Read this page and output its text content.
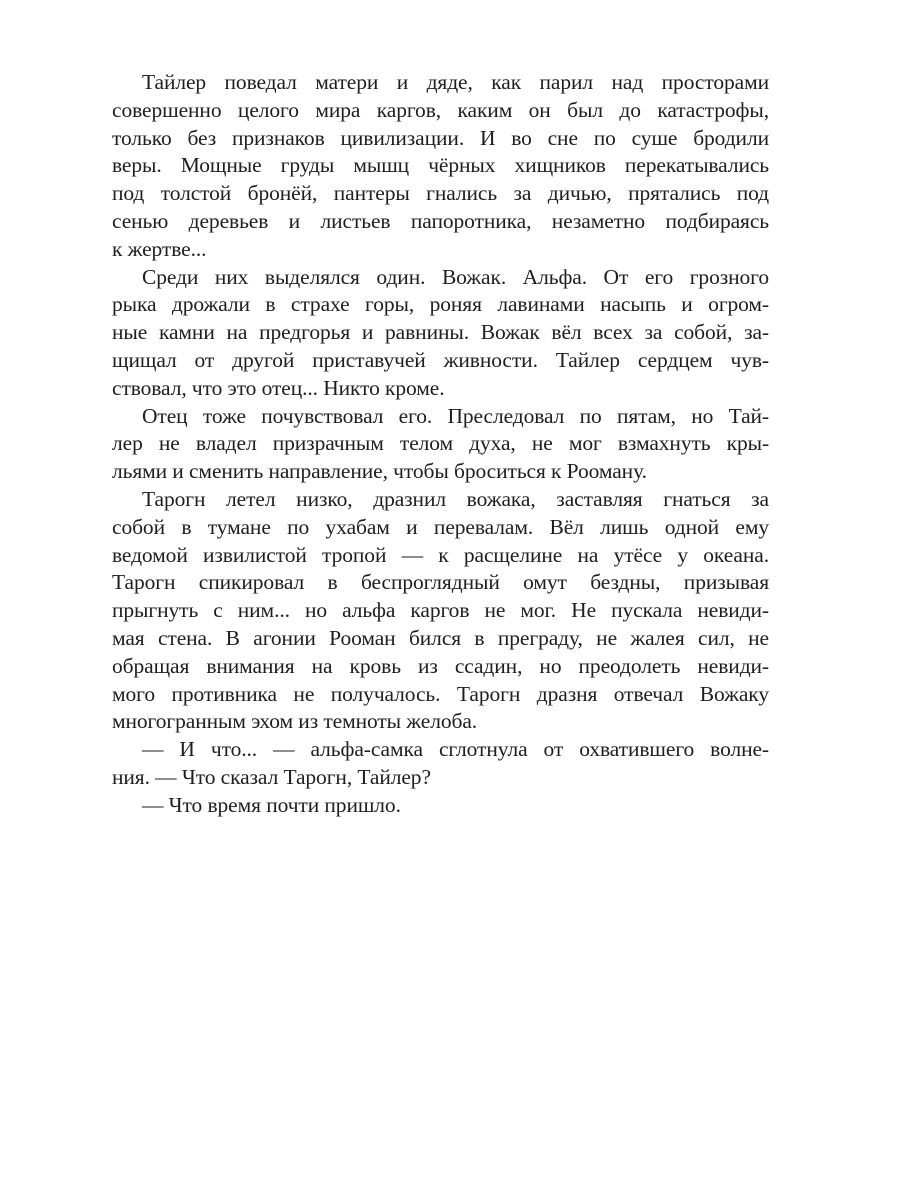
Тайлер поведал матери и дяде, как парил над просторами
совершенно целого мира каргов, каким он был до катастрофы,
только без признаков цивилизации. И во сне по суше бродили
веры. Мощные груды мышц чёрных хищников перекатывались
под толстой бронёй, пантеры гнались за дичью, прятались под
сенью деревьев и листьев папоротника, незаметно подбираясь
к жертве...
Среди них выделялся один. Вожак. Альфа. От его грозного
рыка дрожали в страхе горы, роняя лавинами насыпь и огром-
ные камни на предгорья и равнины. Вожак вёл всех за собой, за-
щищал от другой приставучей живности. Тайлер сердцем чув-
ствовал, что это отец... Никто кроме.
Отец тоже почувствовал его. Преследовал по пятам, но Тай-
лер не владел призрачным телом духа, не мог взмахнуть кры-
льями и сменить направление, чтобы броситься к Рооману.
Тарогн летел низко, дразнил вожака, заставляя гнаться за
собой в тумане по ухабам и перевалам. Вёл лишь одной ему
ведомой извилистой тропой — к расщелине на утёсе у океана.
Тарогн спикировал в беспроглядный омут бездны, призывая
прыгнуть с ним... но альфа каргов не мог. Не пускала невиди-
мая стена. В агонии Рооман бился в преграду, не жалея сил, не
обращая внимания на кровь из ссадин, но преодолеть невиди-
мого противника не получалось. Тарогн дразня отвечал Вожаку
многогранным эхом из темноты желоба.
— И что... — альфа-самка сглотнула от охватившего волне-
ния. — Что сказал Тарогн, Тайлер?
— Что время почти пришло.
